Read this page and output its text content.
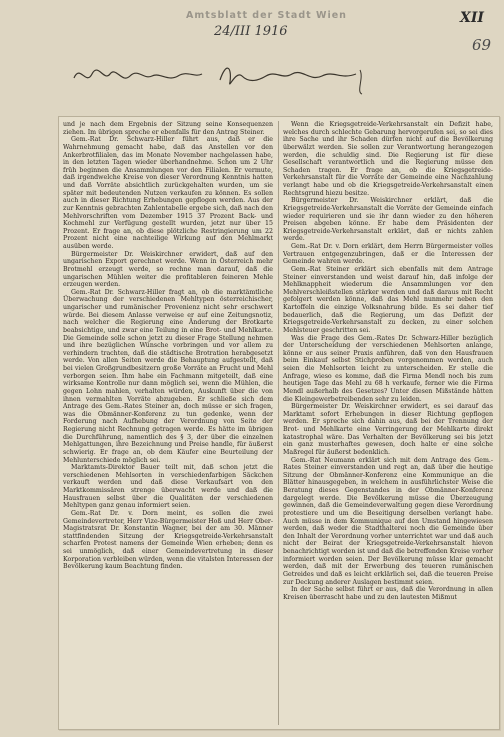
Amtsblatt der Stadt Wien	XII
24/III 1916
69

und je nach dem Ergebnis der Sitzung seine Konsequenzen ziehen. Im übrigen spreche er ebenfalls für den Antrag Steiner.

Gem.-Rat Dr. Schwarz-Hiller führt aus, daß er die Wahrnehmung gemacht habe, daß das Anstellen vor den Ankerbrotfilialen, das im Monate November nachgelassen habe, in den letzten Tagen wieder überhandnehme. Schon um 2 Uhr früh beginnen die Ansammlungen vor den Filialen. Er vermute, daß irgendwelche Kreise von dieser Verordnung Kenntnis hatten und daß Vorräte absichtlich zurückgehalten wurden, um sie später mit bedeutenden Nutzen verkaufen zu können. Es sollen auch in dieser Richtung Erhebungen gepflogen werden. Aus der zur Kenntnis gebrachten Zahlentabelle ergebe sich, daß nach den Mehlvorschriften vom Dezember 1915 37 Prozent Back- und Kochmehl zur Verfügung gestellt wurden, jetzt nur über 15 Prozent. Er frage an, ob diese plötzliche Restringierung um 22 Prozent nicht eine nachteilige Wirkung auf den Mehlmarkt ausüben werde.

Bürgermeister Dr. Weiskirchner erwidert, daß auf den ungarischen Export gerechnet werde. Wenn in Österreich mehr Brotmehl erzeugt werde, so rechne man darauf, daß die ungarischen Mühlen weiter die profitableren feineren Mehle erzeugen werden.

Gem.-Rat Dr. Schwarz-Hiller fragt an, ob die marktämtliche Überwachung der verschiedenen Mehltypen österreichischer, ungarischer und rumänischer Provenienz nicht sehr erschwert würde. Bei diesem Anlasse verweise er auf eine Zeitungsnotiz, nach welcher die Regierung eine Änderung der Brotkarte beabsichtige, und zwar eine Teilung in eine Brot- und Mehlkarte. Die Gemeinde solle schon jetzt zu dieser Frage Stellung nehmen und ihre bezüglichen Wünsche vorbringen und vor allem zu verhindern trachten, daß die städtische Brotration herabgesetzt werde. Von allen Seiten werde die Behauptung aufgestellt, daß bei vielen Großgrundbesitzern große Vorräte an Frucht und Mehl verborgen seien. Ihm habe ein Fachmann mitgeteilt, daß eine wirksame Kontrolle nur dann möglich sei, wenn die Mühlen, die gegen Lohn mahlen, verhalten würden, Auskunft über die von ihnen vermahlten Vorräte abzugeben. Er schließe sich dem Antrage des Gem.-Rates Steiner an, doch müsse er sich fragen, was die Obmänner-Konferenz zu tun gedenke, wenn der Forderung nach Aufhebung der Verordnung von Seite der Regierung nicht Rechnung getragen werde. Es hätte im übrigen die Durchführung, namentlich des § 3, der über die einzelnen Mehlgattungen, ihre Bezeichnung und Preise handle, für äußerst schwierig. Er frage an, ob dem Käufer eine Beurteilung der Mehlunterschiede möglich sei.

Marktamts-Direktor Bauer teilt mit, daß schon jetzt die verschiedenen Mehlsorten in verschiedenfarbigen Säckchen verkauft werden und daß diese Verkaufsart von den Marktkommissären strenge überwacht werde und daß die Hausfrauen selbst über die Qualitäten der verschiedenen Mehltypen ganz genau informiert seien.

Gem.-Rat Dr. v. Dorn meint, es sollen die zwei Gemeindevertreter, Herr Vize-Bürgermeister Hoß und Herr Ober-Magistratsrat Dr. Konstantin Wagner, bei der am 30. Männer stattfindenden Sitzung der Kriegsgetreide-Verkehrsanstalt scharfen Protest namens der Gemeinde Wien erheben; denn es sei unmöglich, daß einer Gemeindevertretung in dieser Korporation verbleiben würden, wenn die vitalsten Interessen der Bevölkerung kaum Beachtung finden.

Wenn die Kriegsgetreide-Verkehrsanstalt ein Defizit habe, welches durch schlechte Gebarung hervorgerufen sei, so sei dies ihre Sache und ihr Schaden dürfen nicht auf die Bevölkerung überwälzt werden. Sie sollen zur Verantwortung herangezogen werden, die schuldig sind. Die Regierung ist für diese Gesellschaft verantwortlich und die Regierung müsse den Schaden tragen. Er frage an, ob die Kriegsgetreide-Verkehrsanstalt für die Vorräte der Gemeinde eine Nachzahlung verlangt habe und ob die Kriegsgetreide-Verkehrsanstalt einen Rechtsgrund hiezu besitze.

Bürgermeister Dr. Weiskirchner erklärt, daß die Kriegsgetreide-Verkehrsanstalt die Vorräte der Gemeinde einfach wieder requirieren und sie ihr dann wieder zu den höheren Preisen abgeben könne. Er habe dem Präsidenten der Kriegsgetreide-Verkehrsanstalt erklärt, daß er nichts zahlen werde.

Gem.-Rat Dr. v. Dorn erklärt, dem Herrn Bürgermeister volles Vertrauen entgegenzubringen, daß er die Interessen der Gemeinde wahren werde.

Gem.-Rat Steiner erklärt sich ebenfalls mit dem Antrage Steiner einverstanden und weist darauf hin, daß infolge der Mehlknappheit wiederum die Ansammlungen vor den Mehlverschleißstellen stärker werden und daß daraus mit Recht gefolgert werden könne, daß das Mehl nunmehr neben den Kartoffeln die einzige Volksnahrung bilde. Es sei daher tief bedauerlich, daß die Regierung, um das Defizit der Kriegsgetreide-Verkehrsanstalt zu decken, zu einer solchen Mehlsteuer geschritten sei.

Was die Frage des Gem.-Rates Dr. Schwarz-Hiller bezüglich der Unterscheidung der verschiedenen Mehlsorten anlange, könne er aus seiner Praxis anführen, daß von den Hausfrauen beim Einkauf selbst Stichproben vorgenommen werden, auch seien die Mehlsorten leicht zu unterscheiden. Er stelle die Anfrage, wieso es komme, daß die Firma Mendl noch bis zum heutigen Tage das Mehl zu 68 h verkaufe, ferner wie die Firma Mendl außerhalb des Gesetzes? Unter diesen Mißstände hätten die Kleingewerbetreibenden sehr zu leiden.

Bürgermeister Dr. Weiskirchner erwidert, es sei darauf das Marktamt sofort Erhebungen in dieser Richtung gepflogen werden. Er spreche sich dahin aus, daß bei der Trennung der Brot- und Mehlkarte eine Verringerung der Mehlkarte direkt katastrophal wäre. Das Verhalten der Bevölkerung sei bis jetzt ein ganz musterhaftes gewesen, doch halte er eine solche Maßregel für äußerst bedenklich.

Gem.-Rat Neumann erklärt sich mit dem Antrage des Gem.-Rates Steiner einverstanden und regt an, daß über die heutige Sitzung der Obmänner-Konferenz eine Kommunique an die Blätter hinausgegeben, in welchem in ausführlichster Weise die Beratung dieses Gegenstandes in der Obmänner-Konferenz dargelegt werde. Die Bevölkerung müsse die Überzeugung gewinnen, daß die Gemeindeverwaltung gegen diese Verordnung protestiere und um die Beseitigung derselben verlangt habe. Auch müsse in dem Kommunique auf den Umstand hingewiesen werden, daß weder die Stadthalterei noch die Gemeinde über den Inhalt der Verordnung vorher unterrichtet war und daß auch nicht der Beirat der Kriegsgetreide-Verkehrsanstalt hievon benachrichtigt worden ist und daß die betreffenden Kreise vorher informiert worden seien. Der Bevölkerung müsse klar gemacht werden, daß mit der Erwerbung des teueren rumänischen Getreides und daß es leicht erklärlich sei, daß die teueren Preise zur Deckung anderer Auslagen bestimmt seien.

In der Sache selbst führt er aus, daß die Verordnung in allen Kreisen überrascht habe und zu den lautesten Mißmut
